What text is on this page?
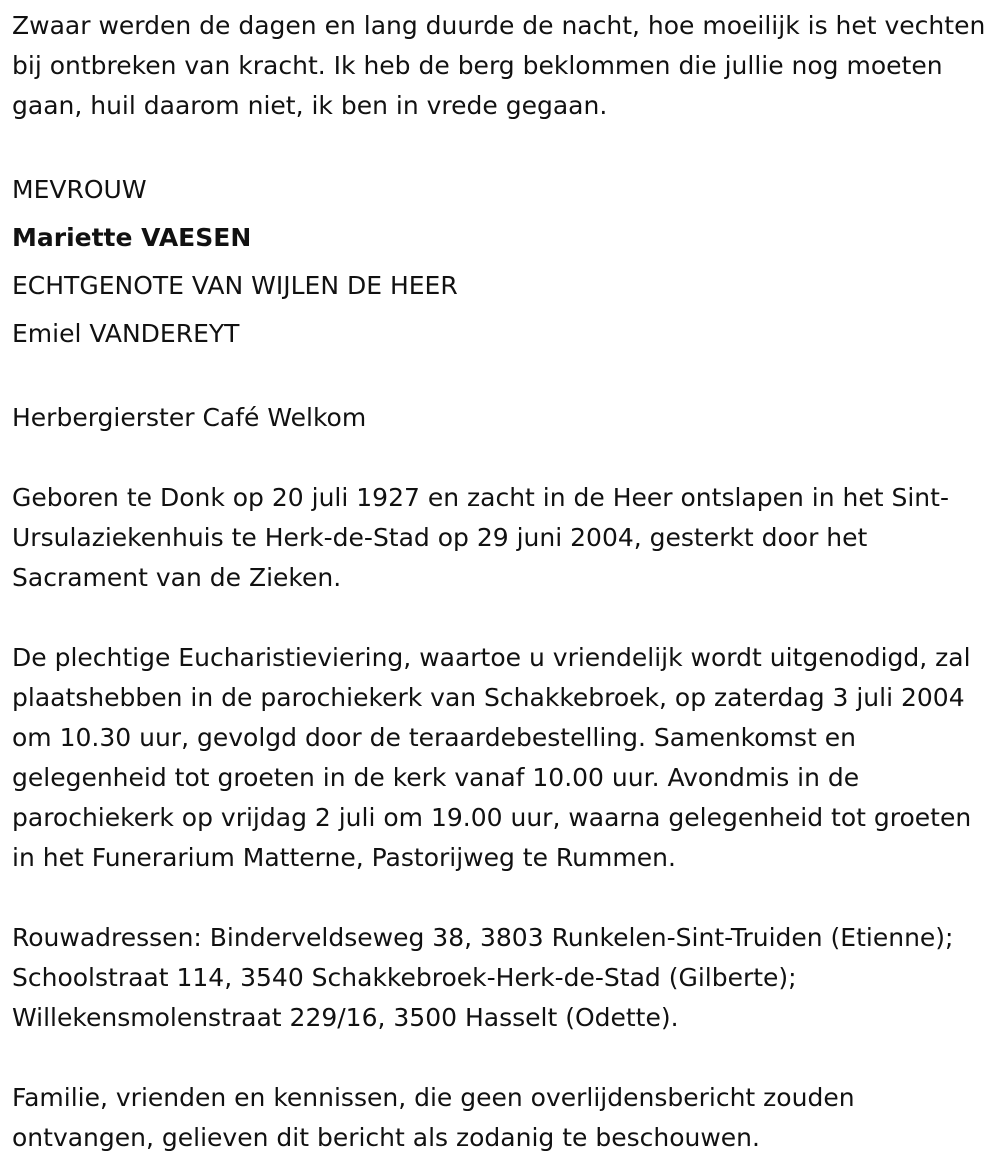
Zwaar werden de dagen en lang duurde de nacht, hoe moeilijk is het vechten bij ontbreken van kracht. Ik heb de berg beklommen die jullie nog moeten gaan, huil daarom niet, ik ben in vrede gegaan.

MEVROUW
Mariette VAESEN
ECHTGENOTE VAN WIJLEN DE HEER
Emiel VANDEREYT

Herbergierster Café Welkom

Geboren te Donk op 20 juli 1927 en zacht in de Heer ontslapen in het Sint-Ursulaziekenhuis te Herk-de-Stad op 29 juni 2004, gesterkt door het Sacrament van de Zieken.

De plechtige Eucharistieviering, waartoe u vriendelijk wordt uitgenodigd, zal plaatshebben in de parochiekerk van Schakkebroek, op zaterdag 3 juli 2004 om 10.30 uur, gevolgd door de teraardebestelling. Samenkomst en gelegenheid tot groeten in de kerk vanaf 10.00 uur. Avondmis in de parochiekerk op vrijdag 2 juli om 19.00 uur, waarna gelegenheid tot groeten in het Funerarium Matterne, Pastorijweg te Rummen.

Rouwadressen: Binderveldseweg 38, 3803 Runkelen-Sint-Truiden (Etienne); Schoolstraat 114, 3540 Schakkebroek-Herk-de-Stad (Gilberte); Willekensmolenstraat 229/16, 3500 Hasselt (Odette).

Familie, vrienden en kennissen, die geen overlijdensbericht zouden ontvangen, gelieven dit bericht als zodanig te beschouwen.
